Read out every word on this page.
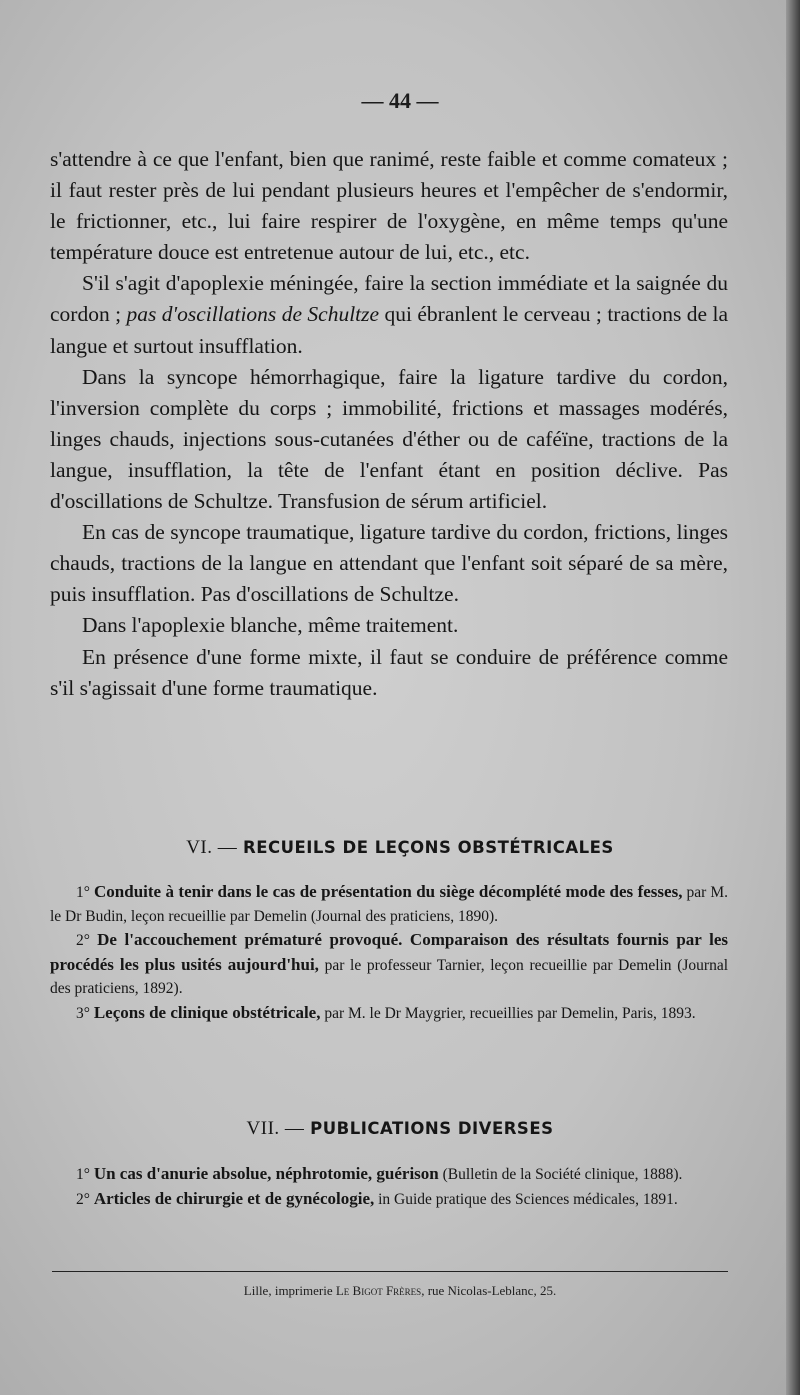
— 44 —

s'attendre à ce que l'enfant, bien que ranimé, reste faible et comme comateux ; il faut rester près de lui pendant plusieurs heures et l'empêcher de s'endormir, le frictionner, etc., lui faire respirer de l'oxygène, en même temps qu'une température douce est entretenue autour de lui, etc., etc.

S'il s'agit d'apoplexie méningée, faire la section immédiate et la saignée du cordon ; pas d'oscillations de Schultze qui ébranlent le cerveau ; tractions de la langue et surtout insufflation.

Dans la syncope hémorrhagique, faire la ligature tardive du cordon, l'inversion complète du corps ; immobilité, frictions et massages modérés, linges chauds, injections sous-cutanées d'éther ou de caféïne, tractions de la langue, insufflation, la tête de l'enfant étant en position déclive. Pas d'oscillations de Schultze. Transfusion de sérum artificiel.

En cas de syncope traumatique, ligature tardive du cordon, frictions, linges chauds, tractions de la langue en attendant que l'enfant soit séparé de sa mère, puis insufflation. Pas d'oscillations de Schultze.

Dans l'apoplexie blanche, même traitement.

En présence d'une forme mixte, il faut se conduire de préférence comme s'il s'agissait d'une forme traumatique.

VI. — RECUEILS DE LEÇONS OBSTÉTRICALES

1° Conduite à tenir dans le cas de présentation du siège décomplété mode des fesses, par M. le Dr Budin, leçon recueillie par Demelin (Journal des praticiens, 1890).

2° De l'accouchement prématuré provoqué. Comparaison des résultats fournis par les procédés les plus usités aujourd'hui, par le professeur Tarnier, leçon recueillie par Demelin (Journal des praticiens, 1892).

3° Leçons de clinique obstétricale, par M. le Dr Maygrier, recueillies par Demelin, Paris, 1893.

VII. — PUBLICATIONS DIVERSES

1° Un cas d'anurie absolue, néphrotomie, guérison (Bulletin de la Société clinique, 1888).

2° Articles de chirurgie et de gynécologie, in Guide pratique des Sciences médicales, 1891.

Lille, imprimerie Le Bigot Frères, rue Nicolas-Leblanc, 25.
